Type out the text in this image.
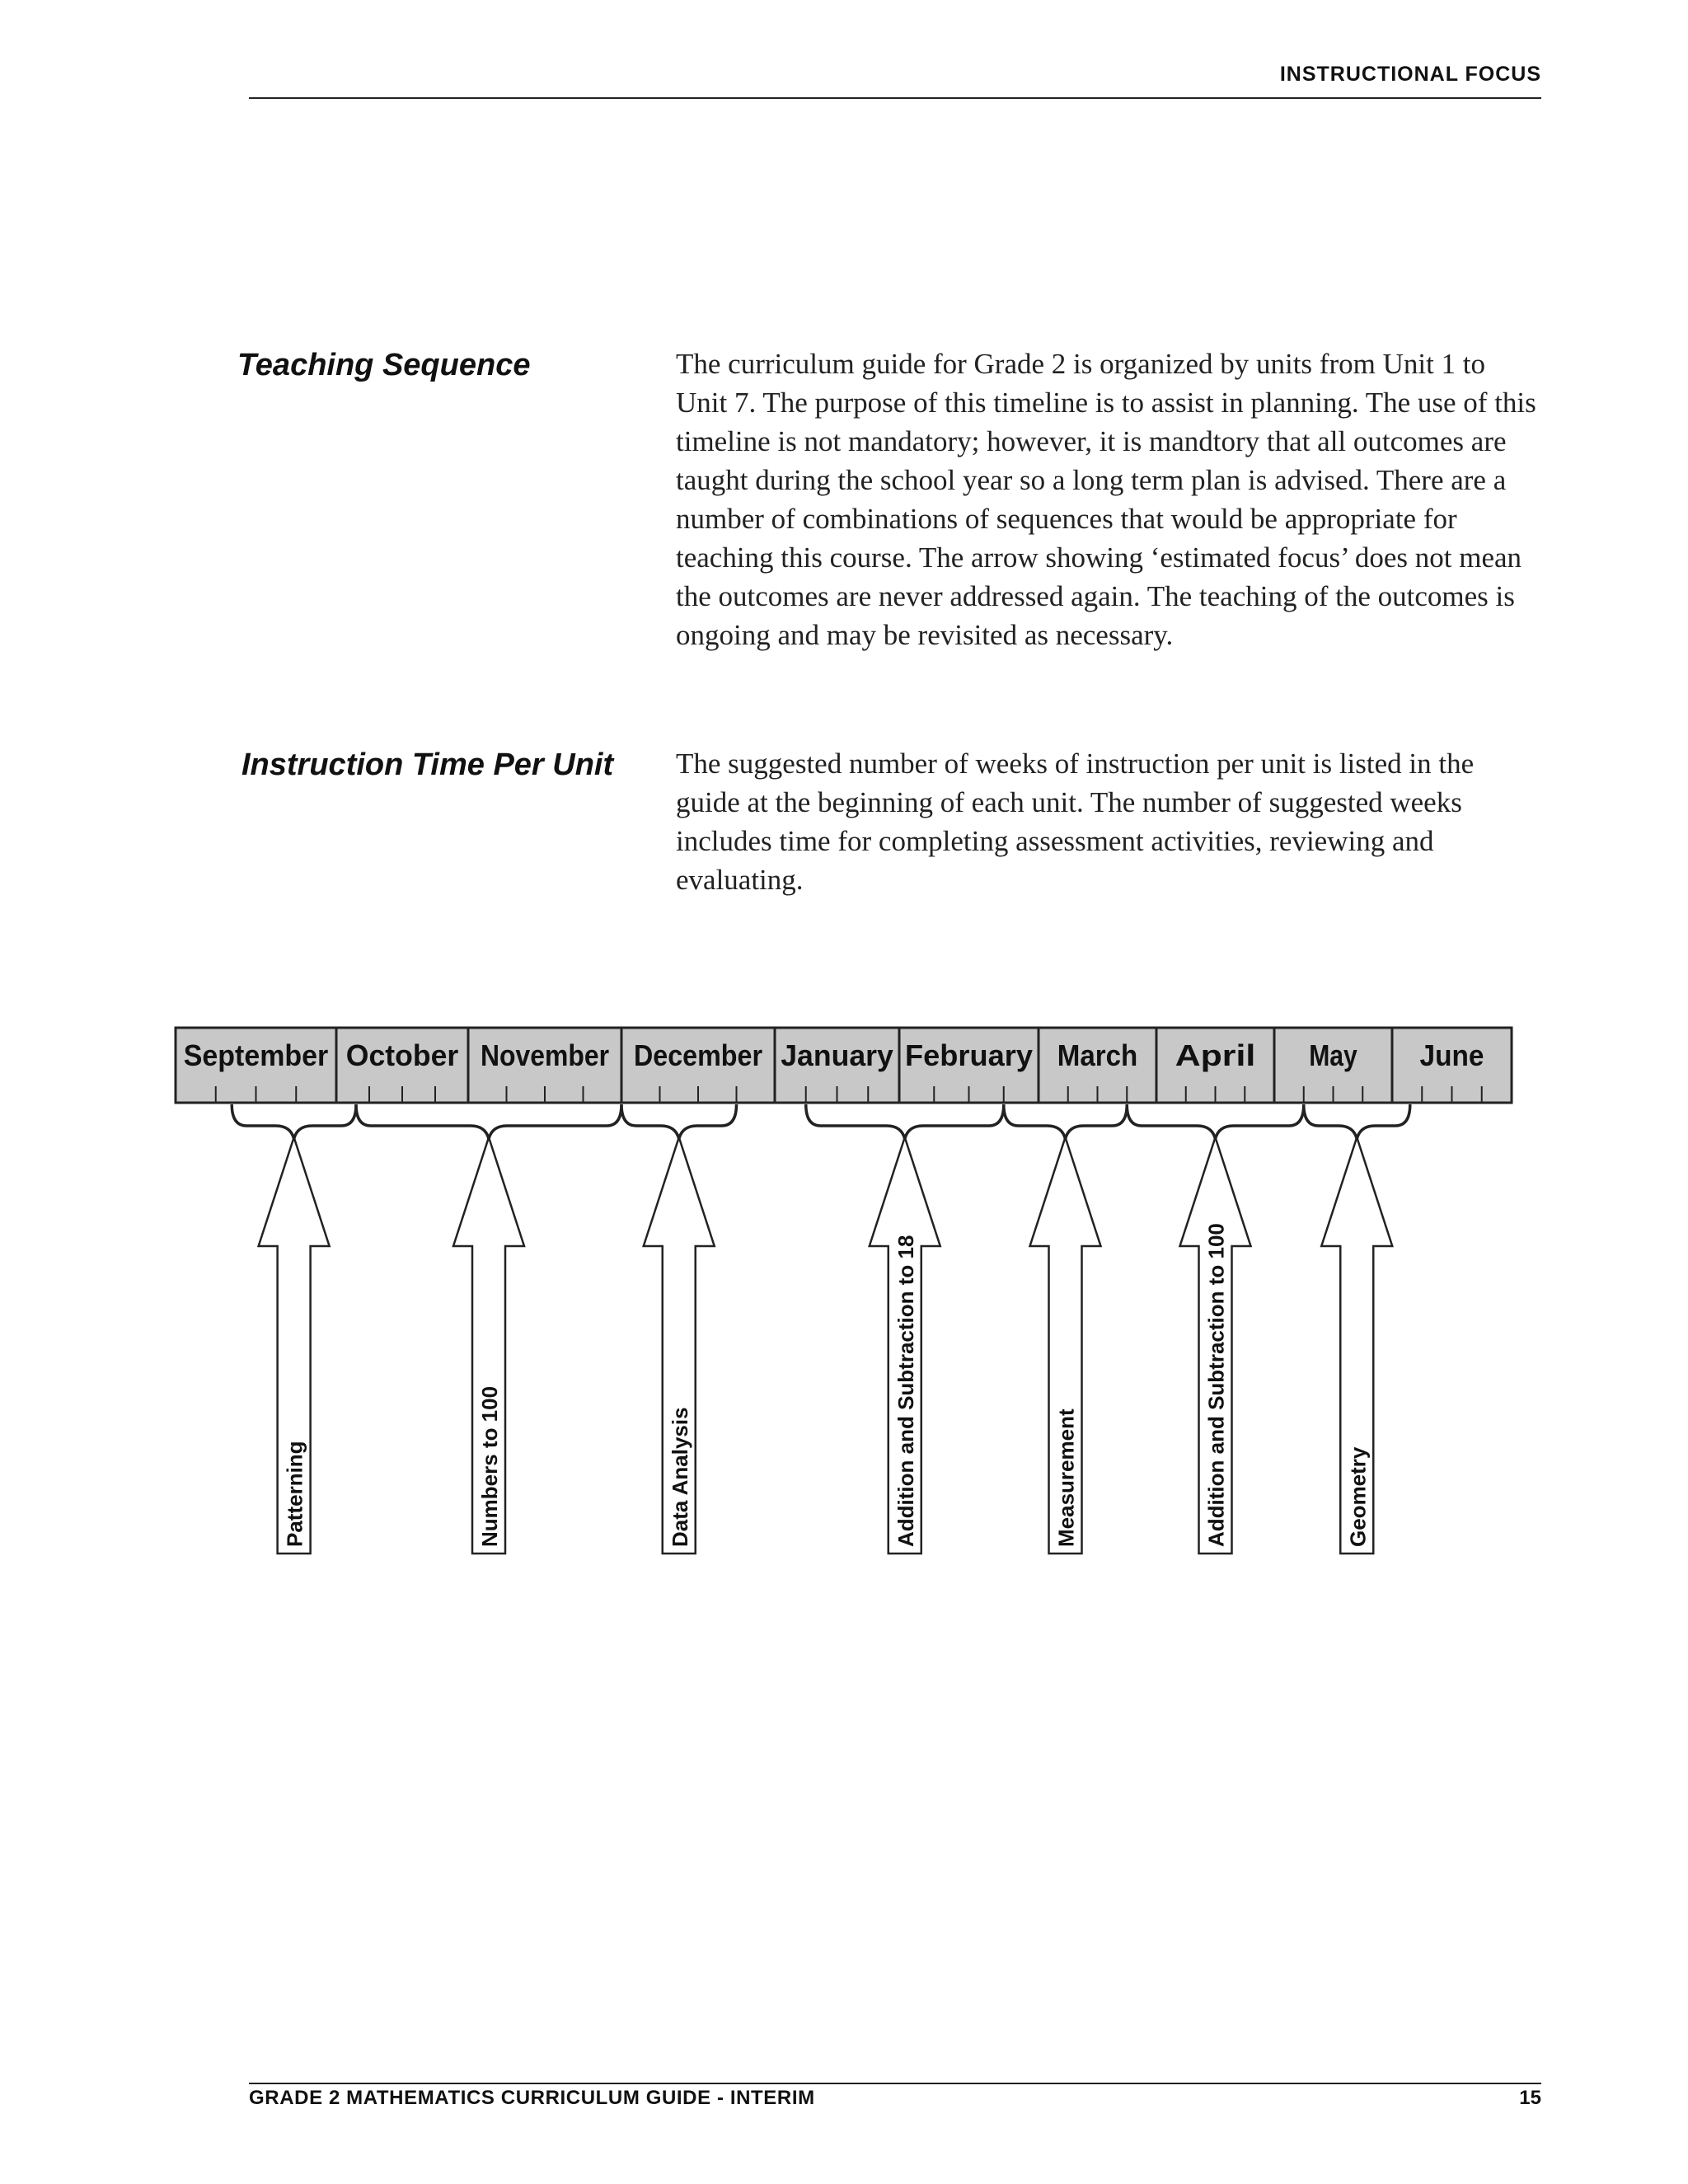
INSTRUCTIONAL FOCUS
Teaching Sequence	The curriculum guide for Grade 2 is organized by units from Unit 1 to Unit 7. The purpose of this timeline is to assist in planning. The use of this timeline is not mandatory; however, it is mandtory that all outcomes are taught during the school year so a long term plan is advised. There are a number of combinations of sequences that would be appropriate for teaching this course. The arrow showing ‘estimated focus’ does not mean the outcomes are never addressed again. The teaching of the outcomes is ongoing and may be revisited as necessary.
Instruction Time Per Unit The suggested number of weeks of instruction per unit is listed in the guide at the beginning of each unit. The number of suggested weeks includes time for completing assessment activities, reviewing and evaluating.
September October November December January February March April May June
Patterning	Numbers to 100	Data Analysis	Addition and Subtraction to 18	Measurement	Addition and Subtraction to 100	Geometry
GRADE 2 MATHEMATICS CURRICULUM GUIDE - INTERIM	15
